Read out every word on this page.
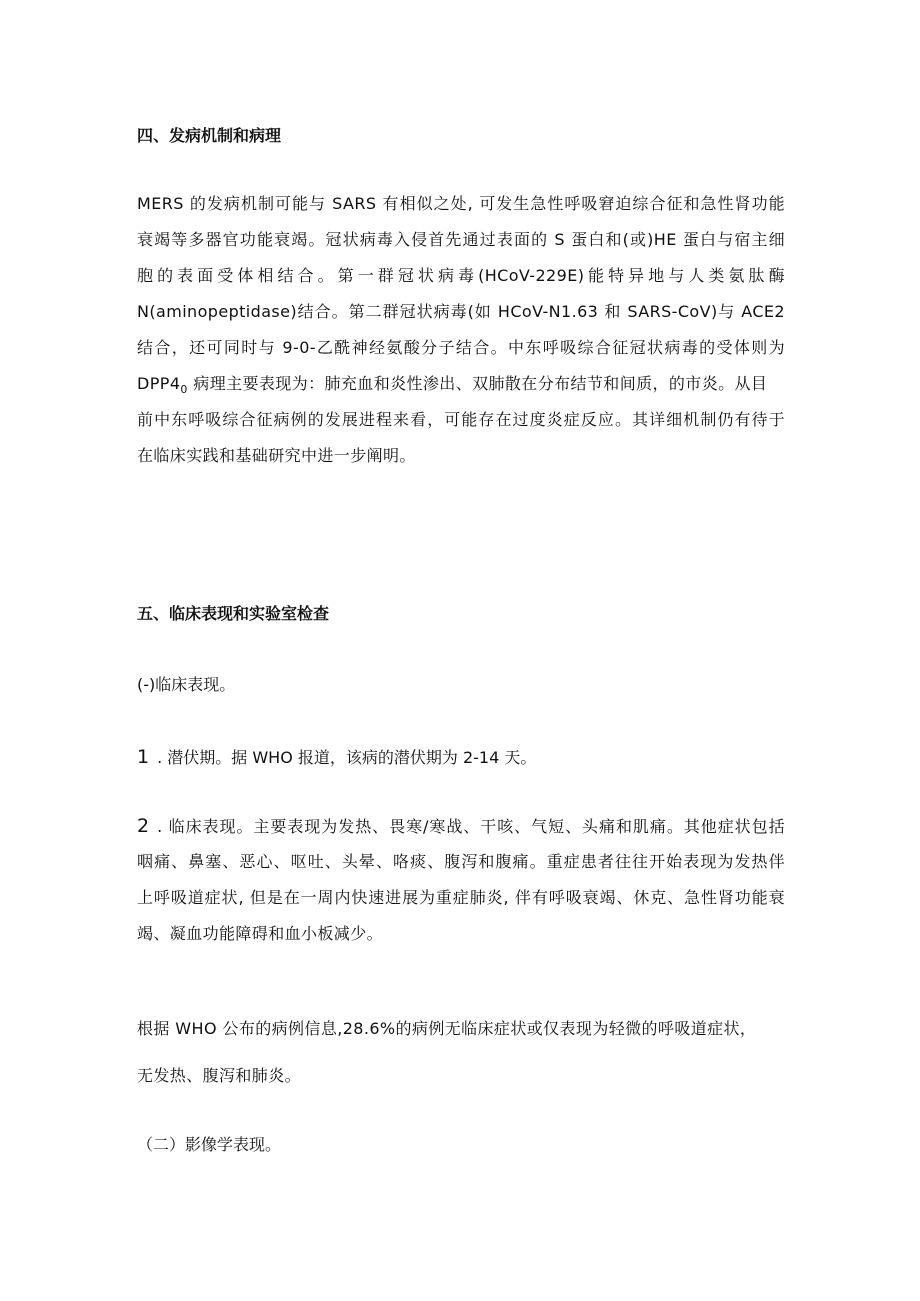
四、发病机制和病理
MERS 的发病机制可能与 SARS 有相似之处, 可发生急性呼吸窘迫综合征和急性肾功能
衰竭等多器官功能衰竭。冠状病毒入侵首先通过表面的 S 蛋白和(或)HE 蛋白与宿主细
胞的表面受体相结合。第一群冠状病毒(HCoV-229E)能特异地与人类氨肽酶
N(aminopeptidase)结合。第二群冠状病毒(如 HCoV-N1.63 和 SARS-CoV)与 ACE2
结合，还可同时与 9-0-乙酰神经氨酸分子结合。中东呼吸综合征冠状病毒的受体则为
$DPP4_0$ 病理主要表现为：肺充血和炎性渗出、双肺散在分布结节和间质，的市炎。从目
前中东呼吸综合征病例的发展进程来看，可能存在过度炎症反应。其详细机制仍有待于
在临床实践和基础研究中进一步阐明。
五、临床表现和实验室检查
(-)临床表现。
1 . 潜伏期。据 WHO 报道，该病的潜伏期为 2-14 天。
2 . 临床表现。主要表现为发热、畏寒/寒战、干咳、气短、头痛和肌痛。其他症状包括
咽痛、鼻塞、恶心、呕吐、头晕、咯痰、腹泻和腹痛。重症患者往往开始表现为发热伴
上呼吸道症状, 但是在一周内快速进展为重症肺炎, 伴有呼吸衰竭、休克、急性肾功能衰
竭、凝血功能障碍和血小板减少。
根据 WHO 公布的病例信息,28.6%的病例无临床症状或仅表现为轻微的呼吸道症状，
无发热、腹泻和肺炎。
（二）影像学表现。
